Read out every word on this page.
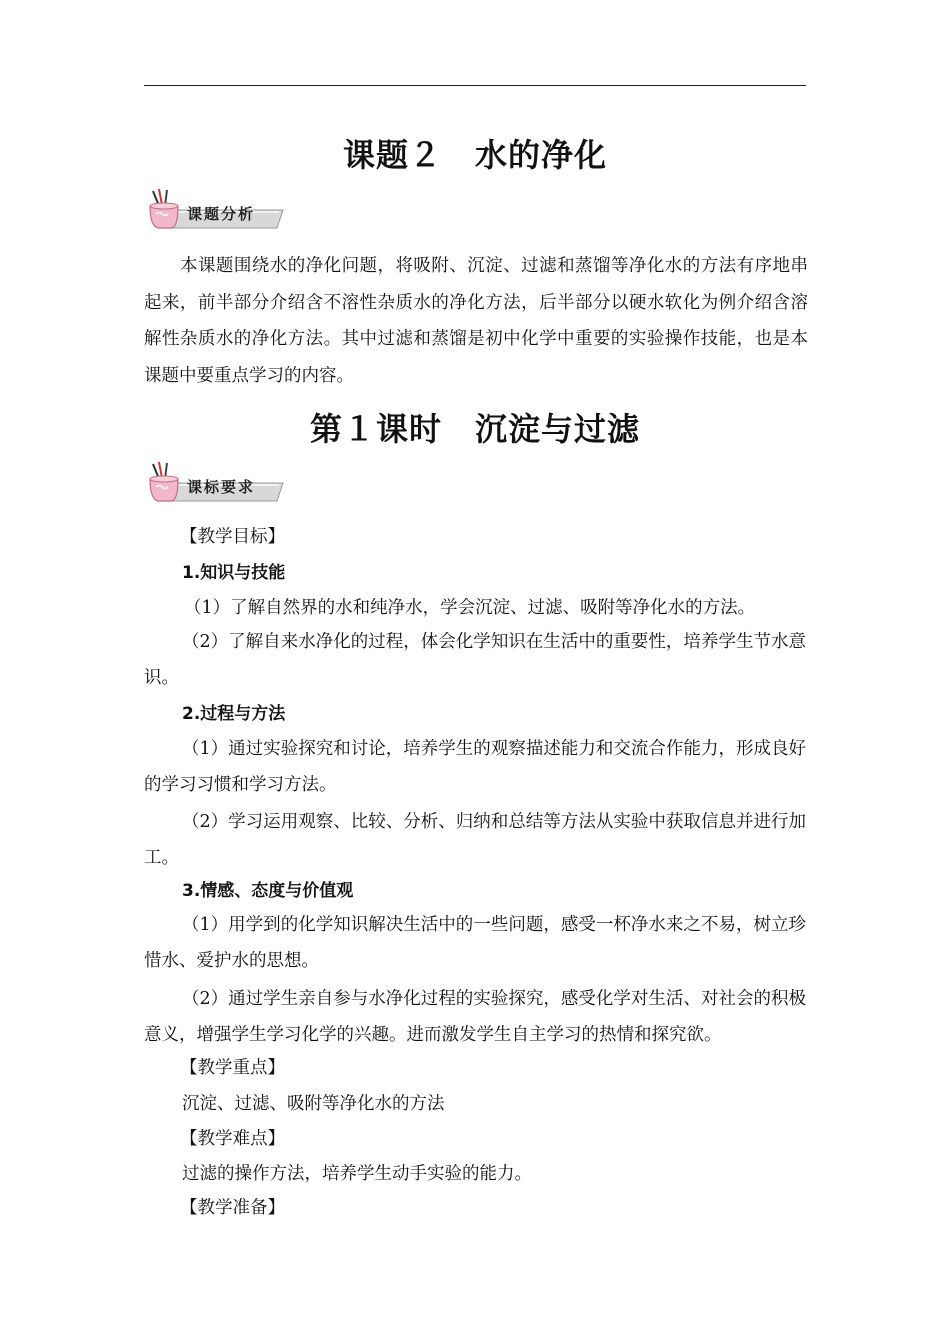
课题２　水的净化
课题分析

本课题围绕水的净化问题，将吸附、沉淀、过滤和蒸馏等净化水的方法有序地串起来，前半部分介绍含不溶性杂质水的净化方法，后半部分以硬水软化为例介绍含溶解性杂质水的净化方法。其中过滤和蒸馏是初中化学中重要的实验操作技能，也是本课题中要重点学习的内容。

第１课时　沉淀与过滤
课标要求
【教学目标】
1.知识与技能
（1）了解自然界的水和纯净水，学会沉淀、过滤、吸附等净化水的方法。

（2）了解自来水净化的过程，体会化学知识在生活中的重要性，培养学生节水意识。

2.过程与方法

（1）通过实验探究和讨论，培养学生的观察描述能力和交流合作能力，形成良好的学习习惯和学习方法。

（2）学习运用观察、比较、分析、归纳和总结等方法从实验中获取信息并进行加工。

3.情感、态度与价值观

（1）用学到的化学知识解决生活中的一些问题，感受一杯净水来之不易，树立珍惜水、爱护水的思想。

（2）通过学生亲自参与水净化过程的实验探究，感受化学对生活、对社会的积极意义，增强学生学习化学的兴趣。进而激发学生自主学习的热情和探究欲。

【教学重点】
沉淀、过滤、吸附等净化水的方法
【教学难点】
过滤的操作方法，培养学生动手实验的能力。
【教学准备】
